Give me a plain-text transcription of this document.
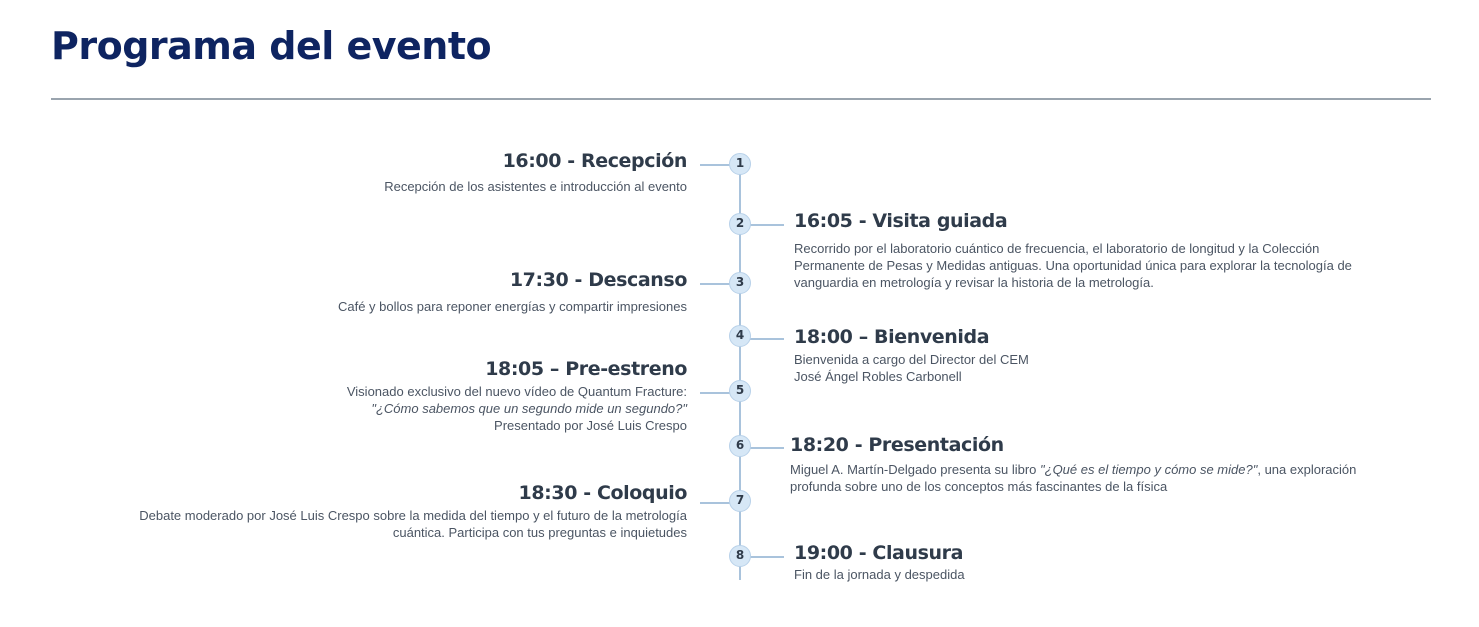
Programa del evento
1
16:00 - Recepción

Recepción de los asistentes e introducción al evento

2	16:05 - Visita guiada

Recorrido por el laboratorio cuántico de frecuencia, el laboratorio de longitud y la Colección
Permanente de Pesas y Medidas antiguas. Una oportunidad única para explorar la tecnología de
vanguardia en metrología y revisar la historia de la metrología.

3
17:30 - Descanso

Café y bollos para reponer energías y compartir impresiones

4	18:00 – Bienvenida

Bienvenida a cargo del Director del CEM
José Ángel Robles Carbonell

5
18:05 – Pre-estreno

Visionado exclusivo del nuevo vídeo de Quantum Fracture:
"¿Cómo sabemos que un segundo mide un segundo?"
Presentado por José Luis Crespo

6	18:20 - Presentación

Miguel A. Martín-Delgado presenta su libro "¿Qué es el tiempo y cómo se mide?", una exploración
profunda sobre uno de los conceptos más fascinantes de la física

7
18:30 - Coloquio

Debate moderado por José Luis Crespo sobre la medida del tiempo y el futuro de la metrología
cuántica. Participa con tus preguntas e inquietudes

8	19:00 - Clausura

Fin de la jornada y despedida
